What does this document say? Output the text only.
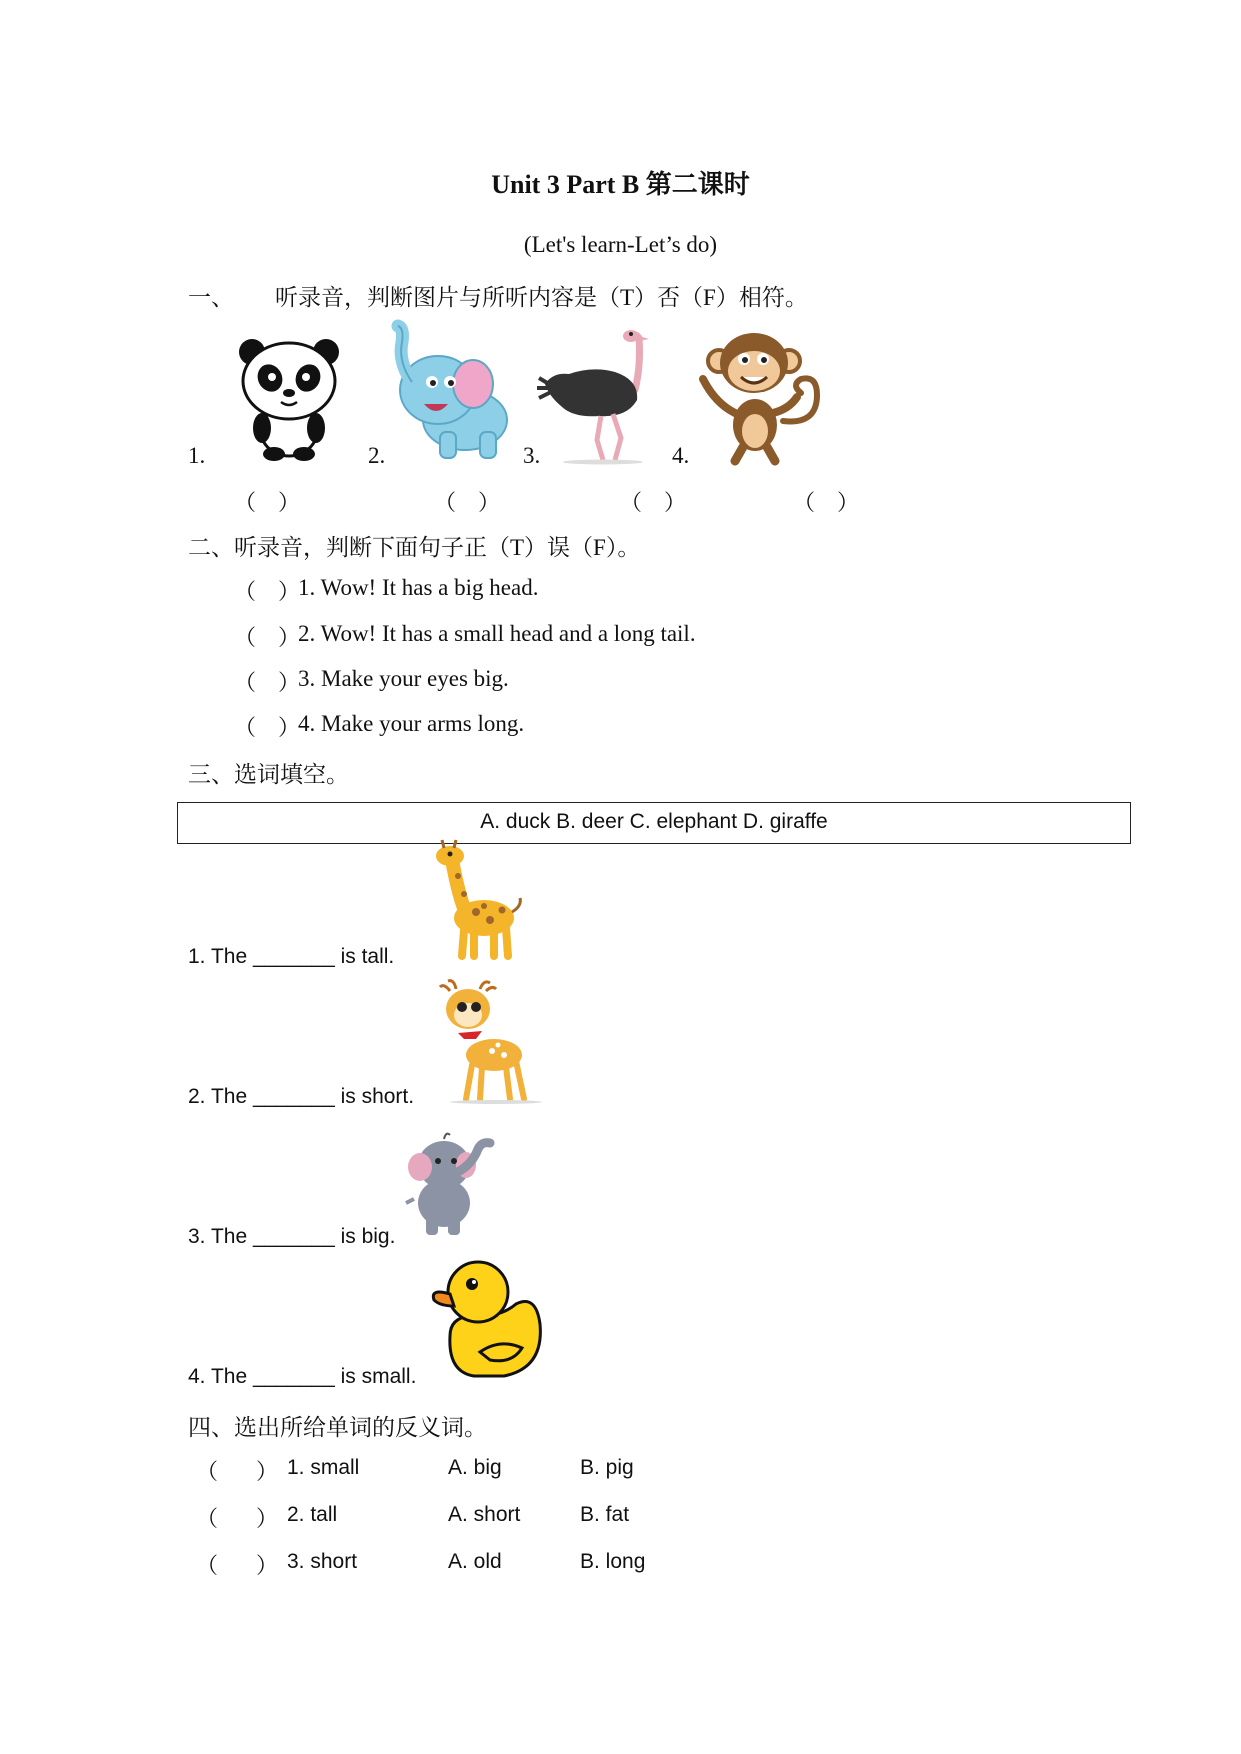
Unit 3 Part B 第二课时
(Let's learn-Let’s do)
一、 听录音，判断图片与所听内容是（T）否（F）相符。
1.	2.	3.	4.
（　）	（　）	（　）	（　）
二、听录音，判断下面句子正（T）误（F）。
（　）
1. Wow! It has a big head.
（　）
2. Wow! It has a small head and a long tail.
（　）
3. Make your eyes big.
（　）
4. Make your arms long.
三、选词填空。
A. duck B. deer C. elephant D. giraffe
1. The _______ is tall.
2. The _______ is short.
3. The _______ is big.
4. The _______ is small.
四、选出所给单词的反义词。
（ ） 1. small	A. big	B. pig
（ ） 2. tall	A. short	B. fat
（ ） 3. short	A. old	B. long
